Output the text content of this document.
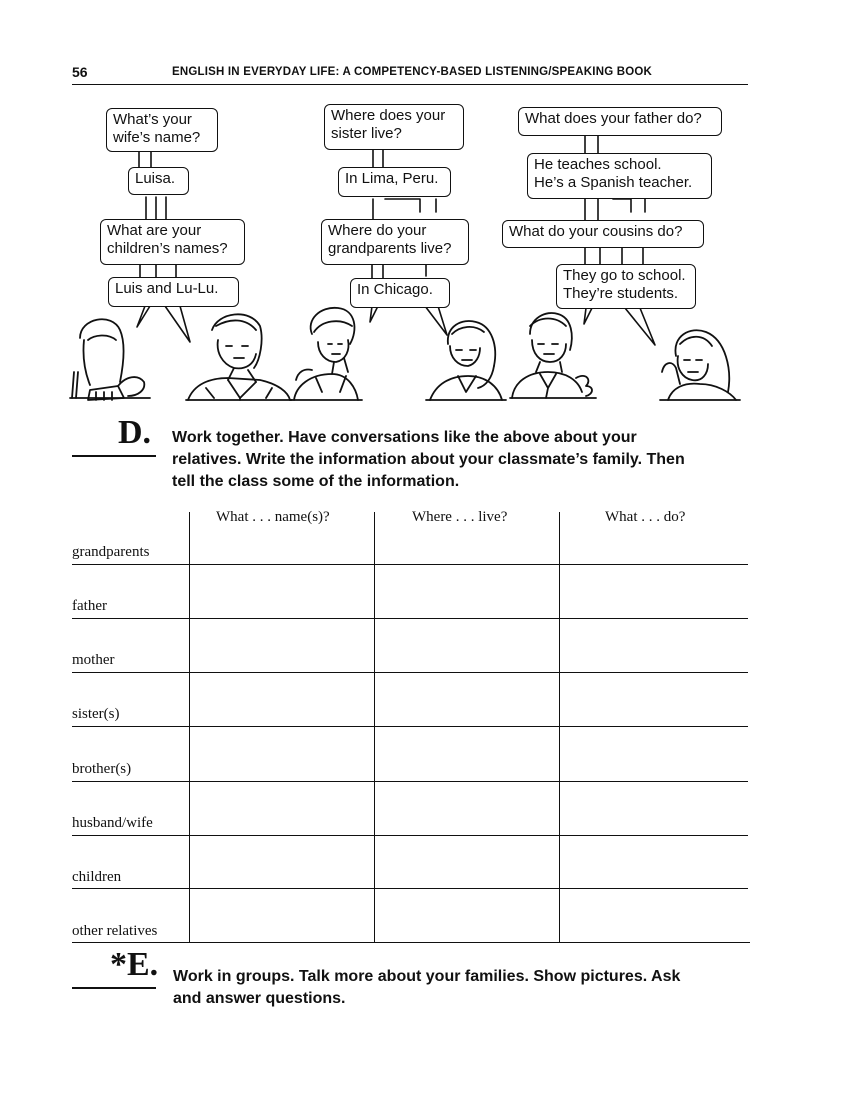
56	ENGLISH IN EVERYDAY LIFE: A COMPETENCY-BASED LISTENING/SPEAKING BOOK
What’s your
wife’s name?
Luisa.
What are your
children’s names?
Luis and Lu-Lu.
Where does your
sister live?
In Lima, Peru.
Where do your
grandparents live?
In Chicago.
What does your father do?
He teaches school.
He’s a Spanish teacher.
What do your cousins do?
They go to school.
They’re students.
D. Work together. Have conversations like the above about your
relatives. Write the information about your classmate’s family. Then
tell the class some of the information.
What . . . name(s)?	Where . . . live?	What . . . do?
grandparents
father
mother
sister(s)
brother(s)
husband/wife
children
other relatives
*E. Work in groups. Talk more about your families. Show pictures. Ask
and answer questions.
